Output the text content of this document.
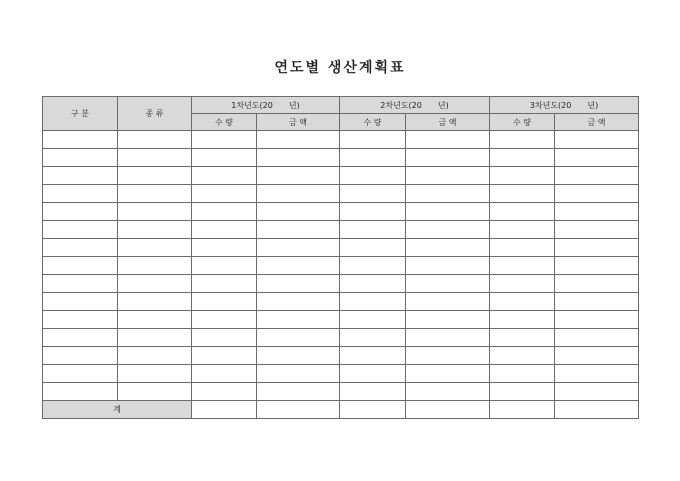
연도별 생산계획표
구 분	종 류	1차년도(20　　년)		2차년도(20　　년)		3차년도(20　　년)	
		수 량	금 액	수 량	금 액	수 량	금 액

계							
